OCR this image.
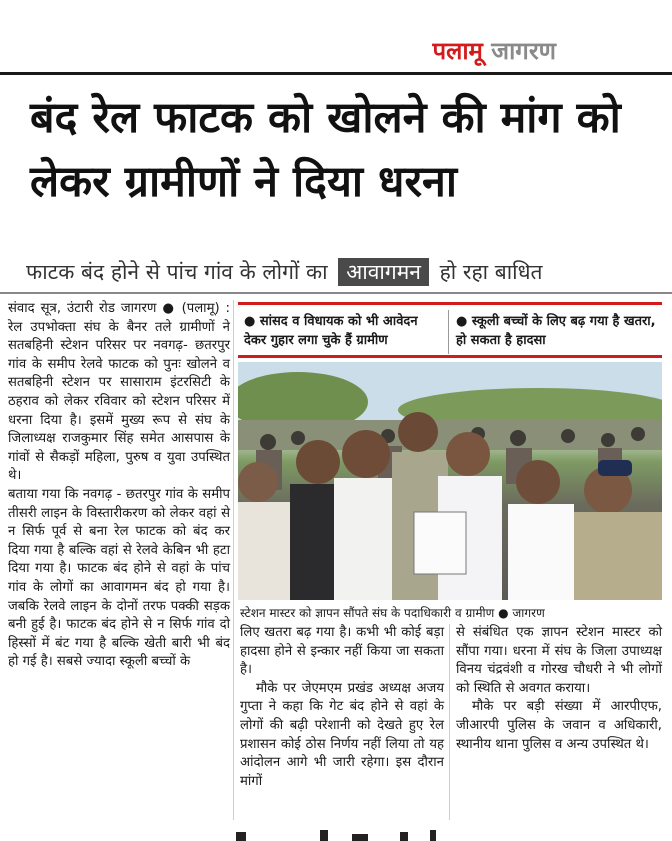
पलामू जागरण
बंद रेल फाटक को खोलने की मांग को लेकर ग्रामीणों ने दिया धरना
फाटक बंद होने से पांच गांव के लोगों का आवागमन हो रहा बाधित

संवाद सूत्र, उंटारी रोड जागरण ● (पलामू) : रेल उपभोक्ता संघ के बैनर तले ग्रामीणों ने सतबहिनी स्टेशन परिसर पर नवगढ़- छतरपुर गांव के समीप रेलवे फाटक को पुनः खोलने व सतबहिनी स्टेशन पर सासाराम इंटरसिटी के ठहराव को लेकर रविवार को स्टेशन परिसर में धरना दिया है। इसमें मुख्य रूप से संघ के जिलाध्यक्ष राजकुमार सिंह समेत आसपास के गांवों से सैकड़ों महिला, पुरुष व युवा उपस्थित थे।

बताया गया कि नवगढ़ - छतरपुर गांव के समीप तीसरी लाइन के विस्तारीकरण को लेकर वहां से न सिर्फ पूर्व से बना रेल फाटक को बंद कर दिया गया है बल्कि वहां से रेलवे केबिन भी हटा दिया गया है। फाटक बंद होने से वहां के पांच गांव के लोगों का आवागमन बंद हो गया है। जबकि रेलवे लाइन के दोनों तरफ पक्की सड़क बनी हुई है। फाटक बंद होने से न सिर्फ गांव दो हिस्सों में बंट गया है बल्कि खेती बारी भी बंद हो गई है। सबसे ज्यादा स्कूली बच्चों के

● सांसद व विधायक को भी आवेदन देकर गुहार लगा चुके हैं ग्रामीण
● स्कूली बच्चों के लिए बढ़ गया है खतरा, हो सकता है हादसा
स्टेशन मास्टर को ज्ञापन सौंपते संघ के पदाधिकारी व ग्रामीण ● जागरण

लिए खतरा बढ़ गया है। कभी भी कोई बड़ा हादसा होने से इन्कार नहीं किया जा सकता है।

मौके पर जेएमएम प्रखंड अध्यक्ष अजय गुप्ता ने कहा कि गेट बंद होने से वहां के लोगों की बढ़ी परेशानी को देखते हुए रेल प्रशासन कोई ठोस निर्णय नहीं लिया तो यह आंदोलन आगे भी जारी रहेगा। इस दौरान मांगों

से संबंधित एक ज्ञापन स्टेशन मास्टर को सौंपा गया। धरना में संघ के जिला उपाध्यक्ष विनय चंद्रवंशी व गोरख चौधरी ने भी लोगों को स्थिति से अवगत कराया।

मौके पर बड़ी संख्या में आरपीएफ, जीआरपी पुलिस के जवान व अधिकारी, स्थानीय थाना पुलिस व अन्य उपस्थित थे।
